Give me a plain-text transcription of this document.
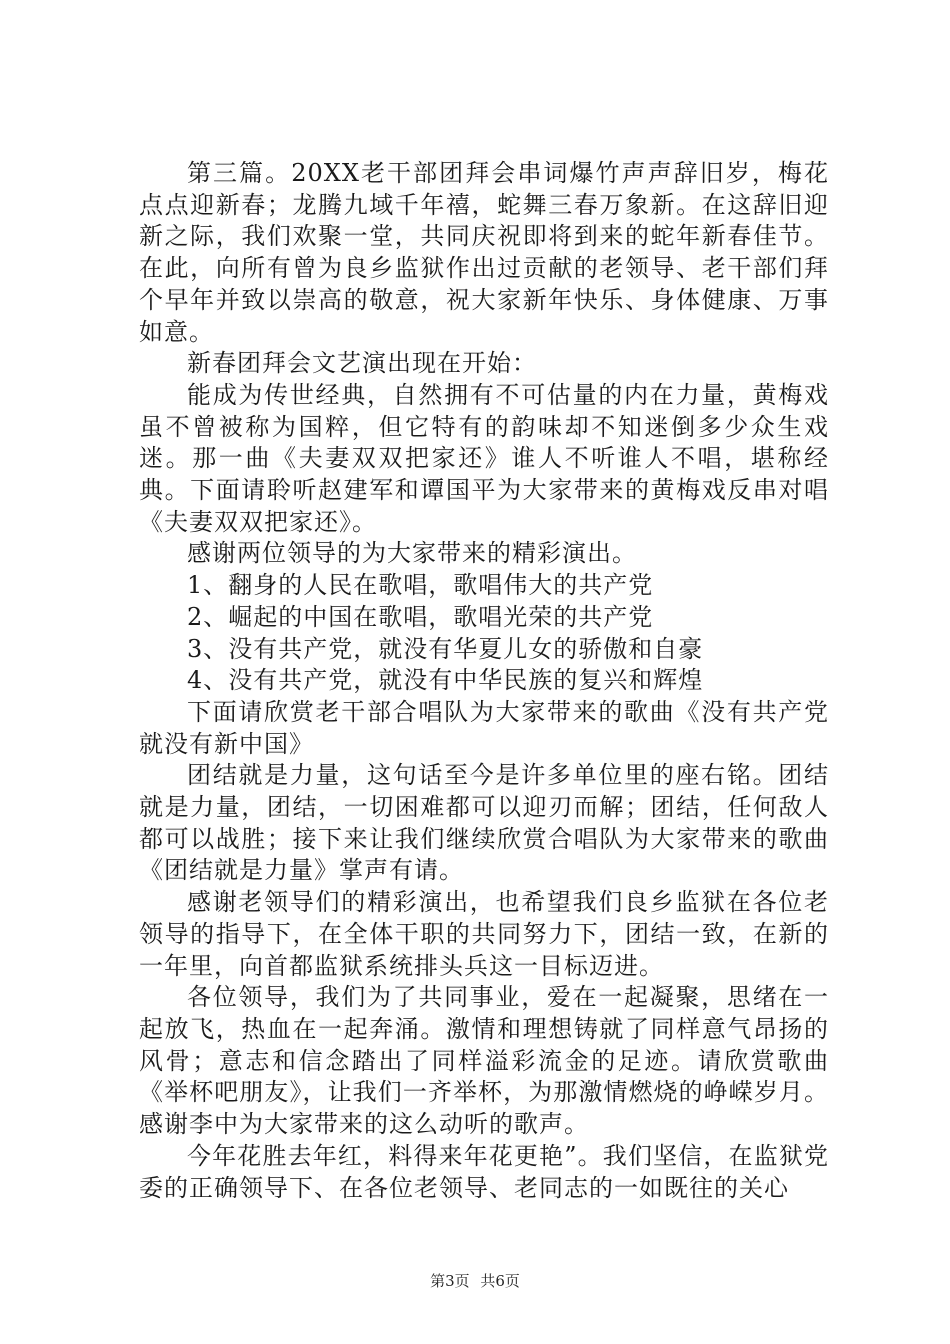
第三篇。20XX老干部团拜会串词爆竹声声辞旧岁，梅花点点迎新春；龙腾九域千年禧，蛇舞三春万象新。在这辞旧迎新之际，我们欢聚一堂，共同庆祝即将到来的蛇年新春佳节。在此，向所有曾为良乡监狱作出过贡献的老领导、老干部们拜个早年并致以崇高的敬意，祝大家新年快乐、身体健康、万事如意。

新春团拜会文艺演出现在开始：

能成为传世经典，自然拥有不可估量的内在力量，黄梅戏虽不曾被称为国粹，但它特有的韵味却不知迷倒多少众生戏迷。那一曲《夫妻双双把家还》谁人不听谁人不唱，堪称经典。下面请聆听赵建军和谭国平为大家带来的黄梅戏反串对唱《夫妻双双把家还》。

感谢两位领导的为大家带来的精彩演出。

1、翻身的人民在歌唱，歌唱伟大的共产党

2、崛起的中国在歌唱，歌唱光荣的共产党

3、没有共产党，就没有华夏儿女的骄傲和自豪

4、没有共产党，就没有中华民族的复兴和辉煌

下面请欣赏老干部合唱队为大家带来的歌曲《没有共产党就没有新中国》

团结就是力量，这句话至今是许多单位里的座右铭。团结就是力量，团结，一切困难都可以迎刃而解；团结，任何敌人都可以战胜；接下来让我们继续欣赏合唱队为大家带来的歌曲《团结就是力量》掌声有请。

感谢老领导们的精彩演出，也希望我们良乡监狱在各位老领导的指导下，在全体干职的共同努力下，团结一致，在新的一年里，向首都监狱系统排头兵这一目标迈进。

各位领导，我们为了共同事业，爱在一起凝聚，思绪在一起放飞，热血在一起奔涌。激情和理想铸就了同样意气昂扬的风骨；意志和信念踏出了同样溢彩流金的足迹。请欣赏歌曲《举杯吧朋友》，让我们一齐举杯，为那激情燃烧的峥嵘岁月。感谢李中为大家带来的这么动听的歌声。

今年花胜去年红，料得来年花更艳”。我们坚信，在监狱党委的正确领导下、在各位老领导、老同志的一如既往的关心

第3页 共6页
